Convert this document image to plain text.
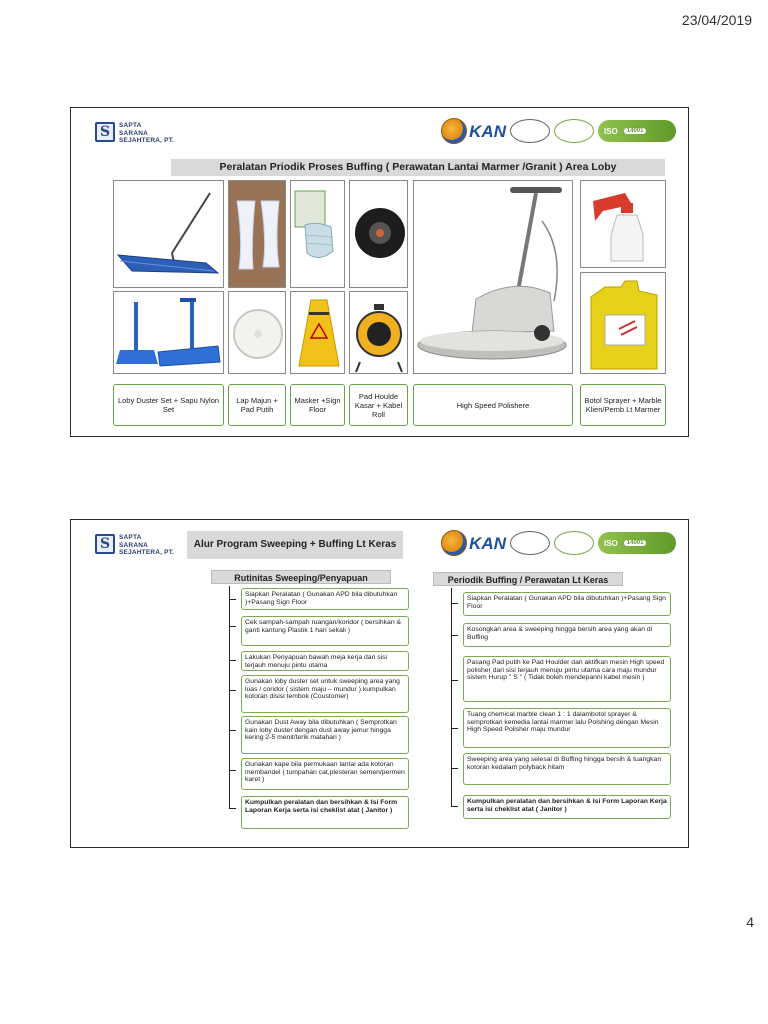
23/04/2019
S	SAPTA
SARANA
SEJAHTERA, PT.	KAN	ISO	14001
Peralatan Priodik Proses Buffing ( Perawatan Lantai Marmer /Granit ) Area Loby
Loby Duster Set + Sapu Nylon Set
Lap Majun + Pad Putih
Masker +Sign Floor
Pad Houlde Kasar + Kabel Roll
High Speed Polishere	Botol Sprayer + Marble Klien/Pemb Lt Marmer
S	SAPTA
SARANA
SEJAHTERA, PT.	KAN	ISO	14001
Alur Program Sweeping + Buffing Lt Keras
Rutinitas Sweeping/Penyapuan	Periodik Buffing / Perawatan Lt Keras
Siapkan Peralatan ( Gunakan APD bila dibutuhkan )+Pasang Sign Floor
Cek sampah-sampah ruangan/koridor ( bersihkan & ganti kantong Plastik 1 hari sekali )
Lakukan Penyapuan bawah meja kerja dari sisi terjauh menuju pintu utama
Gunakan loby duster set untuk sweeping area yang luas / coridor ( sistem maju – mundur ) kumpulkan kotoran disisi tembok (Coustomer)
Gunakan Dust Away bila dibutuhkan ( Semprotkan kain loby duster dengan dust away jemur hingga kering 2-5 menit/terik matahari )
Gunakan kape bila permukaan lantai ada kotoran membandel ( tumpahan cat,plesteran semen/permen karet )
Kumpulkan peralatan dan bersihkan & Isi Form Laporan Kerja serta isi cheklist atat ( Janitor )
Siapkan Peralatan ( Gunakan APD bila dibutuhkan )+Pasang Sign Floor
Kosongkan area & sweeping hingga bersih area yang akan di Buffing
Pasang Pad putih ke Pad Houlder dan aktifkan mesin High speed polisher dari sisi terjauh menuju pintu utama cara maju mundur sistem Hurup " S " ( Tidak boleh mendepanni kabel mesin )
Tuang chemical marble clean 1 : 1 dalambotol sprayer & semprotkan kemedia lantai marmer lalu Polshing dengan Mesin High Speed Polisher maju mundur
Sweeping area yang selesai di Buffing hingga bersih & tuangkan kotoran kedalam polyback hitam
Kumpulkan peralatan dan bersihkan & Isi Form Laporan Kerja serta isi cheklist atat ( Janitor )
4
